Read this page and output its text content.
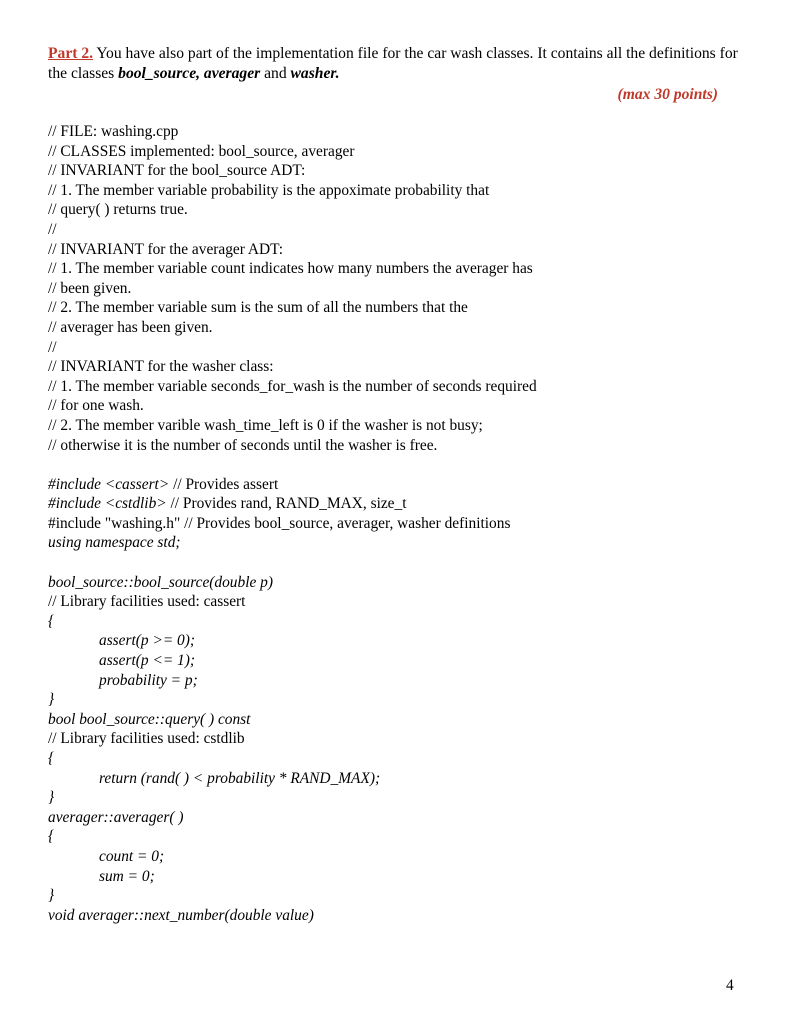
Part 2. You have also part of the implementation file for the car wash classes. It contains all the definitions for the classes bool_source, averager and washer.
(max 30 points)
// FILE: washing.cpp
// CLASSES implemented: bool_source, averager
// INVARIANT for the bool_source ADT:
// 1. The member variable probability is the appoximate probability that
// query( ) returns true.
//
// INVARIANT for the averager ADT:
// 1. The member variable count indicates how many numbers the averager has
// been given.
// 2. The member variable sum is the sum of all the numbers that the
// averager has been given.
//
// INVARIANT for the washer class:
// 1. The member variable seconds_for_wash is the number of seconds required
// for one wash.
// 2. The member varible wash_time_left is 0 if the washer is not busy;
// otherwise it is the number of seconds until the washer is free.
#include <cassert> // Provides assert
#include <cstdlib> // Provides rand, RAND_MAX, size_t
#include "washing.h" // Provides bool_source, averager, washer definitions
using namespace std;
bool_source::bool_source(double p)
// Library facilities used: cassert
{
assert(p >= 0);
assert(p <= 1);
probability = p;
}
bool bool_source::query( ) const
// Library facilities used: cstdlib
{
return (rand( ) < probability * RAND_MAX);
}
averager::averager( )
{
count = 0;
sum = 0;
}
void averager::next_number(double value)
4
